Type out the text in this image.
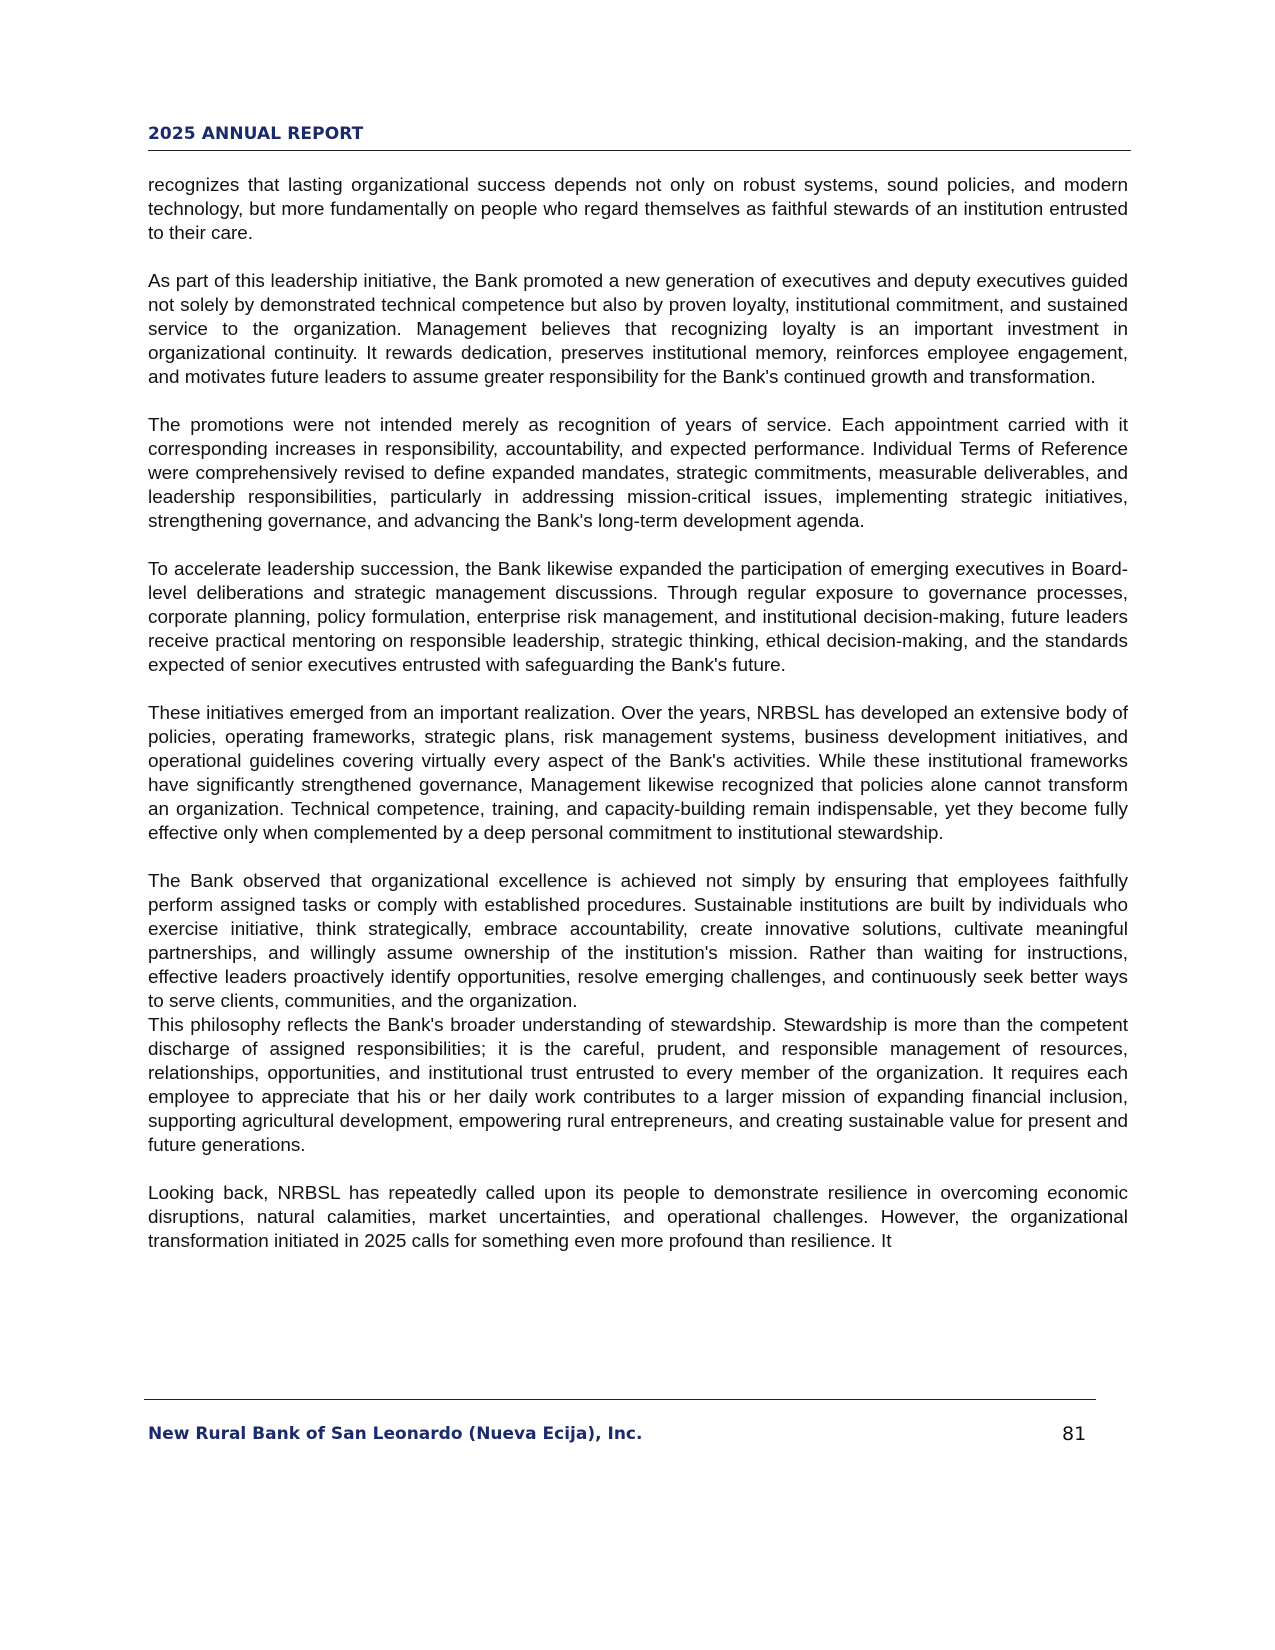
2025 ANNUAL REPORT

recognizes that lasting organizational success depends not only on robust systems, sound policies, and modern technology, but more fundamentally on people who regard themselves as faithful stewards of an institution entrusted to their care.

As part of this leadership initiative, the Bank promoted a new generation of executives and deputy executives guided not solely by demonstrated technical competence but also by proven loyalty, institutional commitment, and sustained service to the organization. Management believes that recognizing loyalty is an important investment in organizational continuity. It rewards dedication, preserves institutional memory, reinforces employee engagement, and motivates future leaders to assume greater responsibility for the Bank's continued growth and transformation.

The promotions were not intended merely as recognition of years of service. Each appointment carried with it corresponding increases in responsibility, accountability, and expected performance. Individual Terms of Reference were comprehensively revised to define expanded mandates, strategic commitments, measurable deliverables, and leadership responsibilities, particularly in addressing mission-critical issues, implementing strategic initiatives, strengthening governance, and advancing the Bank's long-term development agenda.

To accelerate leadership succession, the Bank likewise expanded the participation of emerging executives in Board-level deliberations and strategic management discussions. Through regular exposure to governance processes, corporate planning, policy formulation, enterprise risk management, and institutional decision-making, future leaders receive practical mentoring on responsible leadership, strategic thinking, ethical decision-making, and the standards expected of senior executives entrusted with safeguarding the Bank's future.

These initiatives emerged from an important realization. Over the years, NRBSL has developed an extensive body of policies, operating frameworks, strategic plans, risk management systems, business development initiatives, and operational guidelines covering virtually every aspect of the Bank's activities. While these institutional frameworks have significantly strengthened governance, Management likewise recognized that policies alone cannot transform an organization. Technical competence, training, and capacity-building remain indispensable, yet they become fully effective only when complemented by a deep personal commitment to institutional stewardship.

The Bank observed that organizational excellence is achieved not simply by ensuring that employees faithfully perform assigned tasks or comply with established procedures. Sustainable institutions are built by individuals who exercise initiative, think strategically, embrace accountability, create innovative solutions, cultivate meaningful partnerships, and willingly assume ownership of the institution's mission. Rather than waiting for instructions, effective leaders proactively identify opportunities, resolve emerging challenges, and continuously seek better ways to serve clients, communities, and the organization.

This philosophy reflects the Bank's broader understanding of stewardship. Stewardship is more than the competent discharge of assigned responsibilities; it is the careful, prudent, and responsible management of resources, relationships, opportunities, and institutional trust entrusted to every member of the organization. It requires each employee to appreciate that his or her daily work contributes to a larger mission of expanding financial inclusion, supporting agricultural development, empowering rural entrepreneurs, and creating sustainable value for present and future generations.

Looking back, NRBSL has repeatedly called upon its people to demonstrate resilience in overcoming economic disruptions, natural calamities, market uncertainties, and operational challenges. However, the organizational transformation initiated in 2025 calls for something even more profound than resilience. It

New Rural Bank of San Leonardo (Nueva Ecija), Inc.	81
